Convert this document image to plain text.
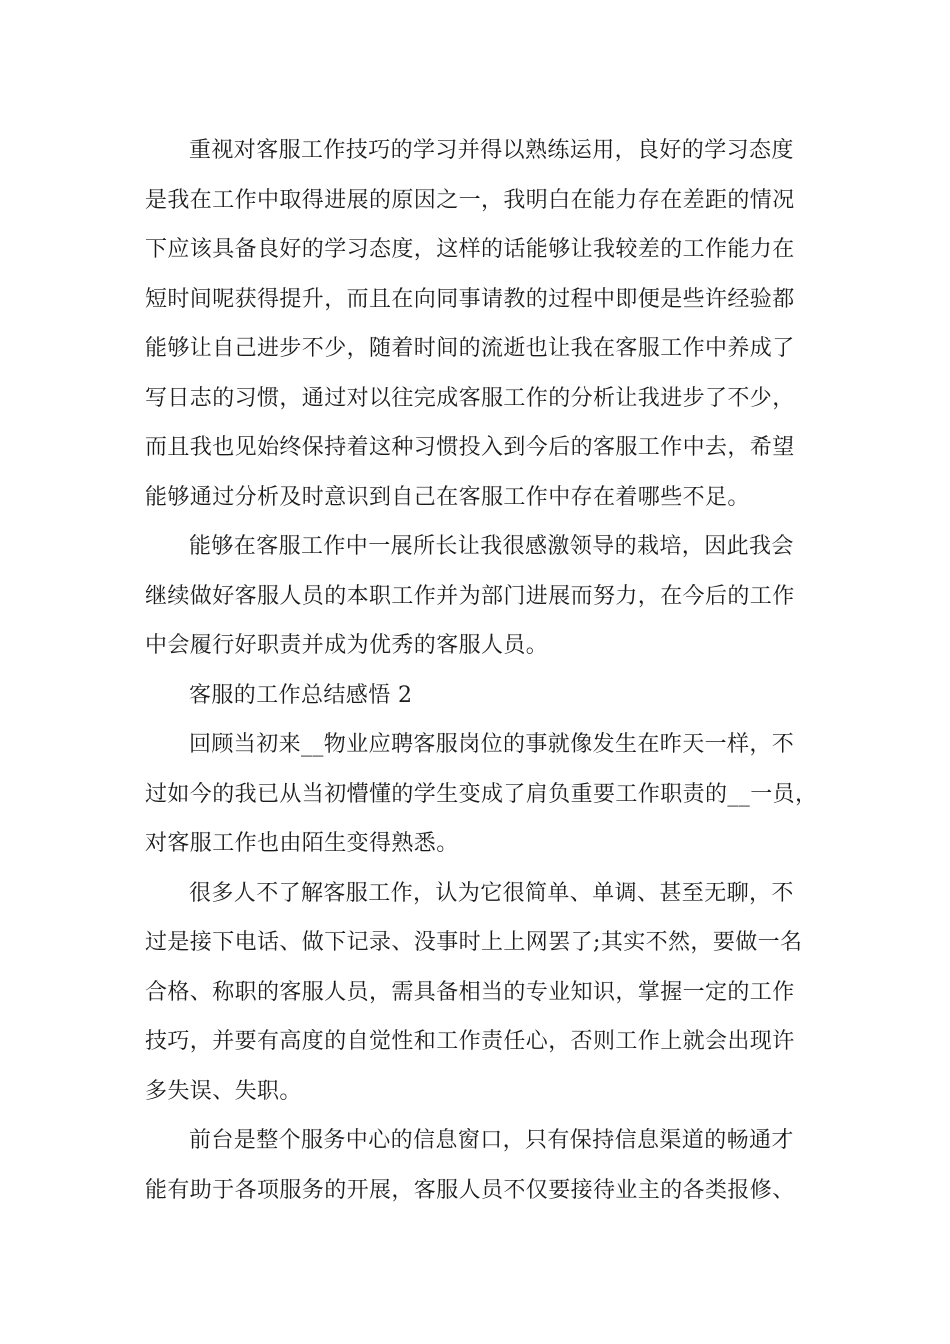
重视对客服工作技巧的学习并得以熟练运用，良好的学习态度
是我在工作中取得进展的原因之一，我明白在能力存在差距的情况
下应该具备良好的学习态度，这样的话能够让我较差的工作能力在
短时间呢获得提升，而且在向同事请教的过程中即便是些许经验都
能够让自己进步不少，随着时间的流逝也让我在客服工作中养成了
写日志的习惯，通过对以往完成客服工作的分析让我进步了不少，
而且我也见始终保持着这种习惯投入到今后的客服工作中去，希望
能够通过分析及时意识到自己在客服工作中存在着哪些不足。
能够在客服工作中一展所长让我很感激领导的栽培，因此我会
继续做好客服人员的本职工作并为部门进展而努力，在今后的工作
中会履行好职责并成为优秀的客服人员。
客服的工作总结感悟 2
回顾当初来__物业应聘客服岗位的事就像发生在昨天一样，不
过如今的我已从当初懵懂的学生变成了肩负重要工作职责的__一员，
对客服工作也由陌生变得熟悉。
很多人不了解客服工作，认为它很简单、单调、甚至无聊，不
过是接下电话、做下记录、没事时上上网罢了;其实不然，要做一名
合格、称职的客服人员，需具备相当的专业知识，掌握一定的工作
技巧，并要有高度的自觉性和工作责任心，否则工作上就会出现许
多失误、失职。
前台是整个服务中心的信息窗口，只有保持信息渠道的畅通才
能有助于各项服务的开展，客服人员不仅要接待业主的各类报修、
